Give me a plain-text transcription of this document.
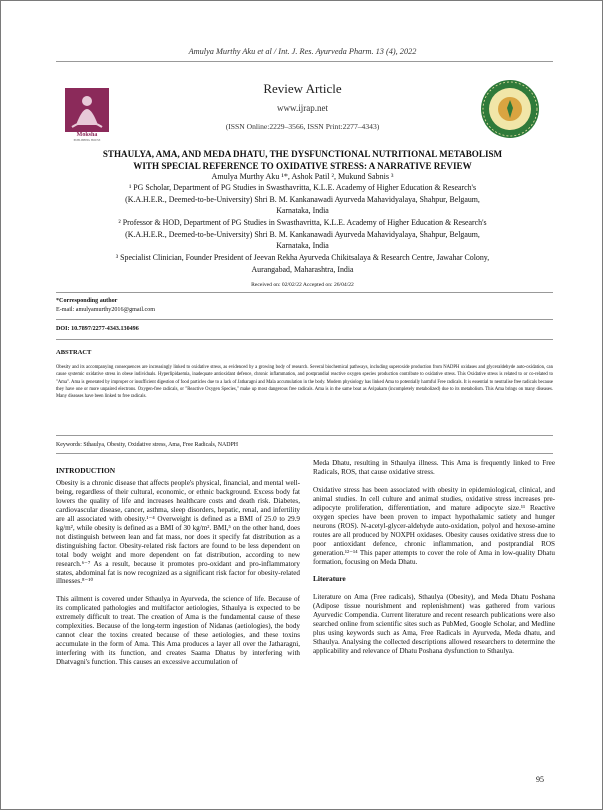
Amulya Murthy Aku et al / Int. J. Res. Ayurveda Pharm. 13 (4), 2022
Moksha
PUBLISHING HOUSE
Review Article
www.ijrap.net
(ISSN Online:2229–3566, ISSN Print:2277–4343)
STHAULYA, AMA, AND MEDA DHATU, THE DYSFUNCTIONAL NUTRITIONAL METABOLISM
WITH SPECIAL REFERENCE TO OXIDATIVE STRESS: A NARRATIVE REVIEW
Amulya Murthy Aku ¹*, Ashok Patil ², Mukund Sabnis ³
¹ PG Scholar, Department of PG Studies in Swasthavritta, K.L.E. Academy of Higher Education & Research's (K.A.H.E.R., Deemed-to-be-University) Shri B. M. Kankanawadi Ayurveda Mahavidyalaya, Shahpur, Belgaum, Karnataka, India
² Professor & HOD, Department of PG Studies in Swasthavritta, K.L.E. Academy of Higher Education & Research's (K.A.H.E.R., Deemed-to-be-University) Shri B. M. Kankanawadi Ayurveda Mahavidyalaya, Shahpur, Belgaum, Karnataka, India
³ Specialist Clinician, Founder President of Jeevan Rekha Ayurveda Chikitsalaya & Research Centre, Jawahar Colony, Aurangabad, Maharashtra, India
Received on: 02/02/22 Accepted on: 26/04/22
*Corresponding author
E-mail: amulyamurthy2016@gmail.com
DOI: 10.7897/2277-4343.130496
ABSTRACT
Obesity and its accompanying consequences are increasingly linked to oxidative stress, as evidenced by a growing body of research. Several biochemical pathways, including superoxide production from NADPH oxidases and glyceraldehyde auto-oxidation, can cause systemic oxidative stress in obese individuals. Hyperlipidaemia, inadequate antioxidant defence, chronic inflammation, and postprandial reactive oxygen species production contribute to oxidative stress. This Oxidative stress is related to or co-related to "Ama". Ama is generated by improper or insufficient digestion of food particles due to a lack of Jatharagni and Mala accumulation in the body. Modern physiology has linked Ama to potentially harmful Free radicals. It is essential to neutralise free radicals because they have one or more unpaired electrons. Oxygen-free radicals, or "Reactive Oxygen Species," make up most dangerous free radicals. Ama is in the same boat as Avipakam (incompletely metabolized) due to its metabolism. This Ama brings on many diseases. Many diseases have been linked to free radicals.
Keywords: Sthaulya, Obesity, Oxidative stress, Ama, Free Radicals, NADPH
INTRODUCTION

Obesity is a chronic disease that affects people's physical, financial, and mental well-being, regardless of their cultural, economic, or ethnic background. Excess body fat lowers the quality of life and increases healthcare costs and death risk. Diabetes, cardiovascular disease, cancer, asthma, sleep disorders, hepatic, renal, and infertility are all associated with obesity.¹⁻⁴ Overweight is defined as a BMI of 25.0 to 29.9 kg/m², while obesity is defined as a BMI of 30 kg/m². BMI,⁵ on the other hand, does not distinguish between lean and fat mass, nor does it specify fat distribution as a distinguishing factor. Obesity-related risk factors are found to be less dependent on total body weight and more dependent on fat distribution, according to new research.⁶⁻⁷ As a result, because it promotes pro-oxidant and pro-inflammatory states, abdominal fat is now recognized as a significant risk factor for obesity-related illnesses.⁸⁻¹⁰

This ailment is covered under Sthaulya in Ayurveda, the science of life. Because of its complicated pathologies and multifactor aetiologies, Sthaulya is expected to be extremely difficult to treat. The creation of Ama is the fundamental cause of these complexities. Because of the long-term ingestion of Nidanas (aetiologies), the body cannot clear the toxins created because of these aetiologies, and these toxins accumulate in the form of Ama. This Ama produces a layer all over the Jatharagni, interfering with its function, and creates Saama Dhatus by interfering with Dhatvagni's function. This causes an excessive accumulation of

Meda Dhatu, resulting in Sthaulya illness. This Ama is frequently linked to Free Radicals, ROS, that cause oxidative stress.

Oxidative stress has been associated with obesity in epidemiological, clinical, and animal studies. In cell culture and animal studies, oxidative stress increases pre-adipocyte proliferation, differentiation, and mature adipocyte size.¹¹ Reactive oxygen species have been proven to impact hypothalamic satiety and hunger neurons (ROS). N-acetyl-glycer-aldehyde auto-oxidation, polyol and hexose-amine routes are all produced by NOXPH oxidases. Obesity causes oxidative stress due to poor antioxidant defence, chronic inflammation, and postprandial ROS generation.¹²⁻¹⁴ This paper attempts to cover the role of Ama in low-quality Dhatu formation, focusing on Meda Dhatu.

Literature

Literature on Ama (Free radicals), Sthaulya (Obesity), and Meda Dhatu Poshana (Adipose tissue nourishment and replenishment) was gathered from various Ayurvedic Compendia. Current literature and recent research publications were also searched online from scientific sites such as PubMed, Google Scholar, and Medline plus using keywords such as Ama, Free Radicals in Ayurveda, Meda dhatu, and Sthaulya. Analysing the collected descriptions allowed researchers to determine the applicability and relevance of Dhatu Poshana dysfunction to Sthaulya.

95
